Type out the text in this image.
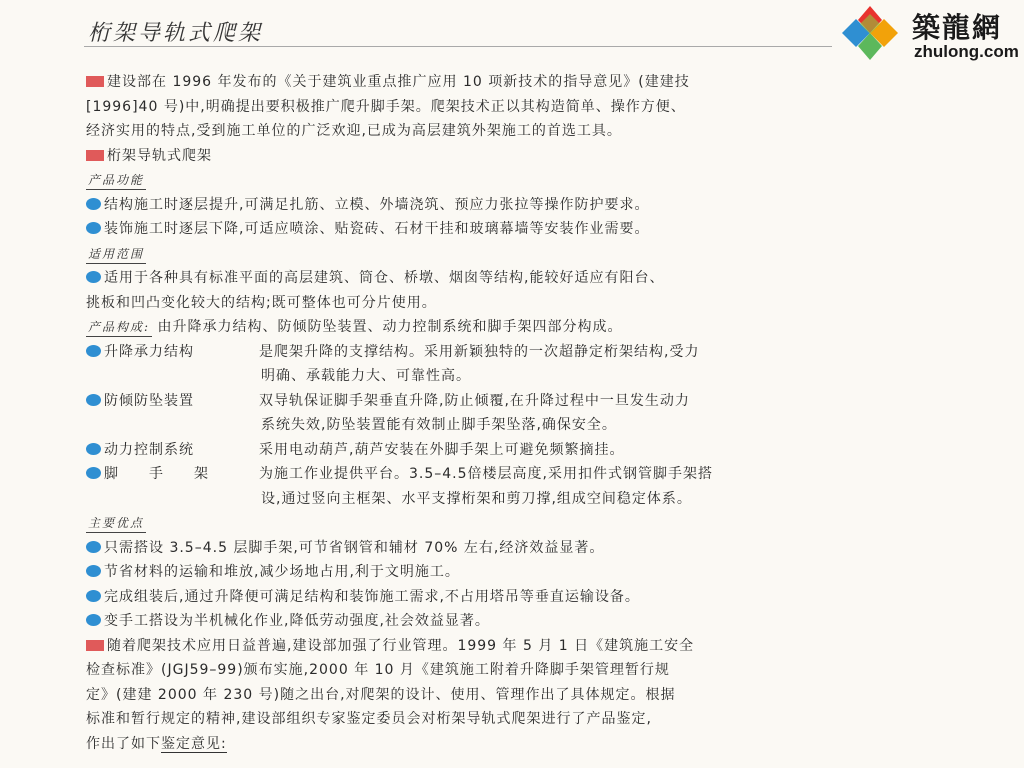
桁架导轨式爬架	築龍網
zhulong.com
建设部在 1996 年发布的《关于建筑业重点推广应用 10 项新技术的指导意见》(建建技
[1996]40 号)中,明确提出要积极推广爬升脚手架。爬架技术正以其构造简单、操作方便、
经济实用的特点,受到施工单位的广泛欢迎,已成为高层建筑外架施工的首选工具。
桁架导轨式爬架
产品功能
结构施工时逐层提升,可满足扎筋、立模、外墙浇筑、预应力张拉等操作防护要求。
装饰施工时逐层下降,可适应喷涂、贴瓷砖、石材干挂和玻璃幕墙等安装作业需要。
适用范围
适用于各种具有标准平面的高层建筑、筒仓、桥墩、烟囱等结构,能较好适应有阳台、
挑板和凹凸变化较大的结构;既可整体也可分片使用。
产品构成: 由升降承力结构、防倾防坠装置、动力控制系统和脚手架四部分构成。
升降承力结构	是爬架升降的支撑结构。采用新颖独特的一次超静定桁架结构,受力
明确、承载能力大、可靠性高。
防倾防坠装置	双导轨保证脚手架垂直升降,防止倾覆,在升降过程中一旦发生动力
系统失效,防坠装置能有效制止脚手架坠落,确保安全。
动力控制系统	采用电动葫芦,葫芦安装在外脚手架上可避免频繁摘挂。
脚　　手　　架	为施工作业提供平台。3.5–4.5倍楼层高度,采用扣件式钢管脚手架搭
设,通过竖向主框架、水平支撑桁架和剪刀撑,组成空间稳定体系。
主要优点
只需搭设 3.5–4.5 层脚手架,可节省钢管和辅材 70% 左右,经济效益显著。
节省材料的运输和堆放,减少场地占用,利于文明施工。
完成组装后,通过升降便可满足结构和装饰施工需求,不占用塔吊等垂直运输设备。
变手工搭设为半机械化作业,降低劳动强度,社会效益显著。
随着爬架技术应用日益普遍,建设部加强了行业管理。1999 年 5 月 1 日《建筑施工安全
检查标准》(JGJ59–99)颁布实施,2000 年 10 月《建筑施工附着升降脚手架管理暂行规
定》(建建 2000 年 230 号)随之出台,对爬架的设计、使用、管理作出了具体规定。根据
标准和暂行规定的精神,建设部组织专家鉴定委员会对桁架导轨式爬架进行了产品鉴定,
作出了如下鉴定意见:
